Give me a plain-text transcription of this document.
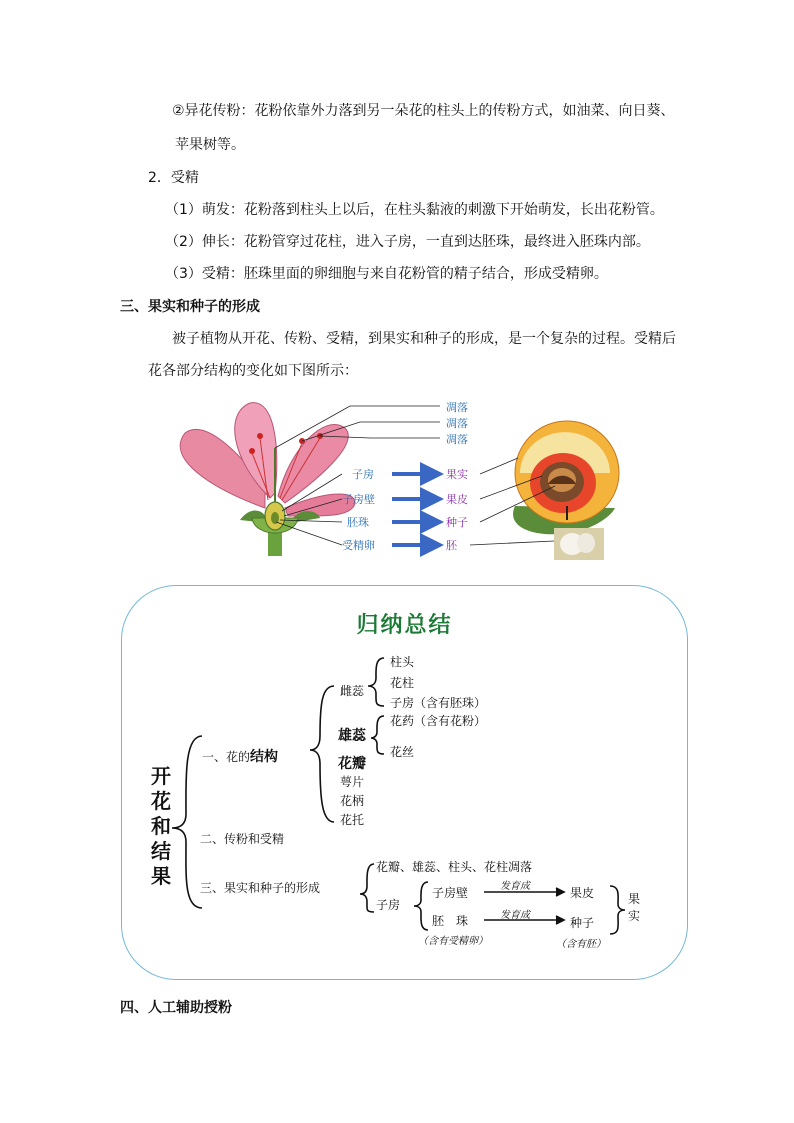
②异花传粉：花粉依靠外力落到另一朵花的柱头上的传粉方式，如油菜、向日葵、
苹果树等。
2．受精
（1）萌发：花粉落到柱头上以后，在柱头黏液的刺激下开始萌发，长出花粉管。
（2）伸长：花粉管穿过花柱，进入子房，一直到达胚珠，最终进入胚珠内部。
（3）受精：胚珠里面的卵细胞与来自花粉管的精子结合，形成受精卵。
三、果实和种子的形成
被子植物从开花、传粉、受精，到果实和种子的形成，是一个复杂的过程。受精后
花各部分结构的变化如下图所示：
凋落
凋落
凋落
子房
子房壁
胚珠
受精卵
果实
果皮
种子
胚
归纳总结
开
花
和
结
果
一、花的结构
雌蕊
柱头
花柱
子房（含有胚珠）
雄蕊
花药（含有花粉）
花丝
花瓣
萼片
花柄
花托
二、传粉和受精
三、果实和种子的形成
花瓣、雄蕊、柱头、花柱凋落
子房
子房壁
胚　珠
发育成
发育成
果皮
种子
（含有受精卵）	（含有胚）
果
实
四、人工辅助授粉
